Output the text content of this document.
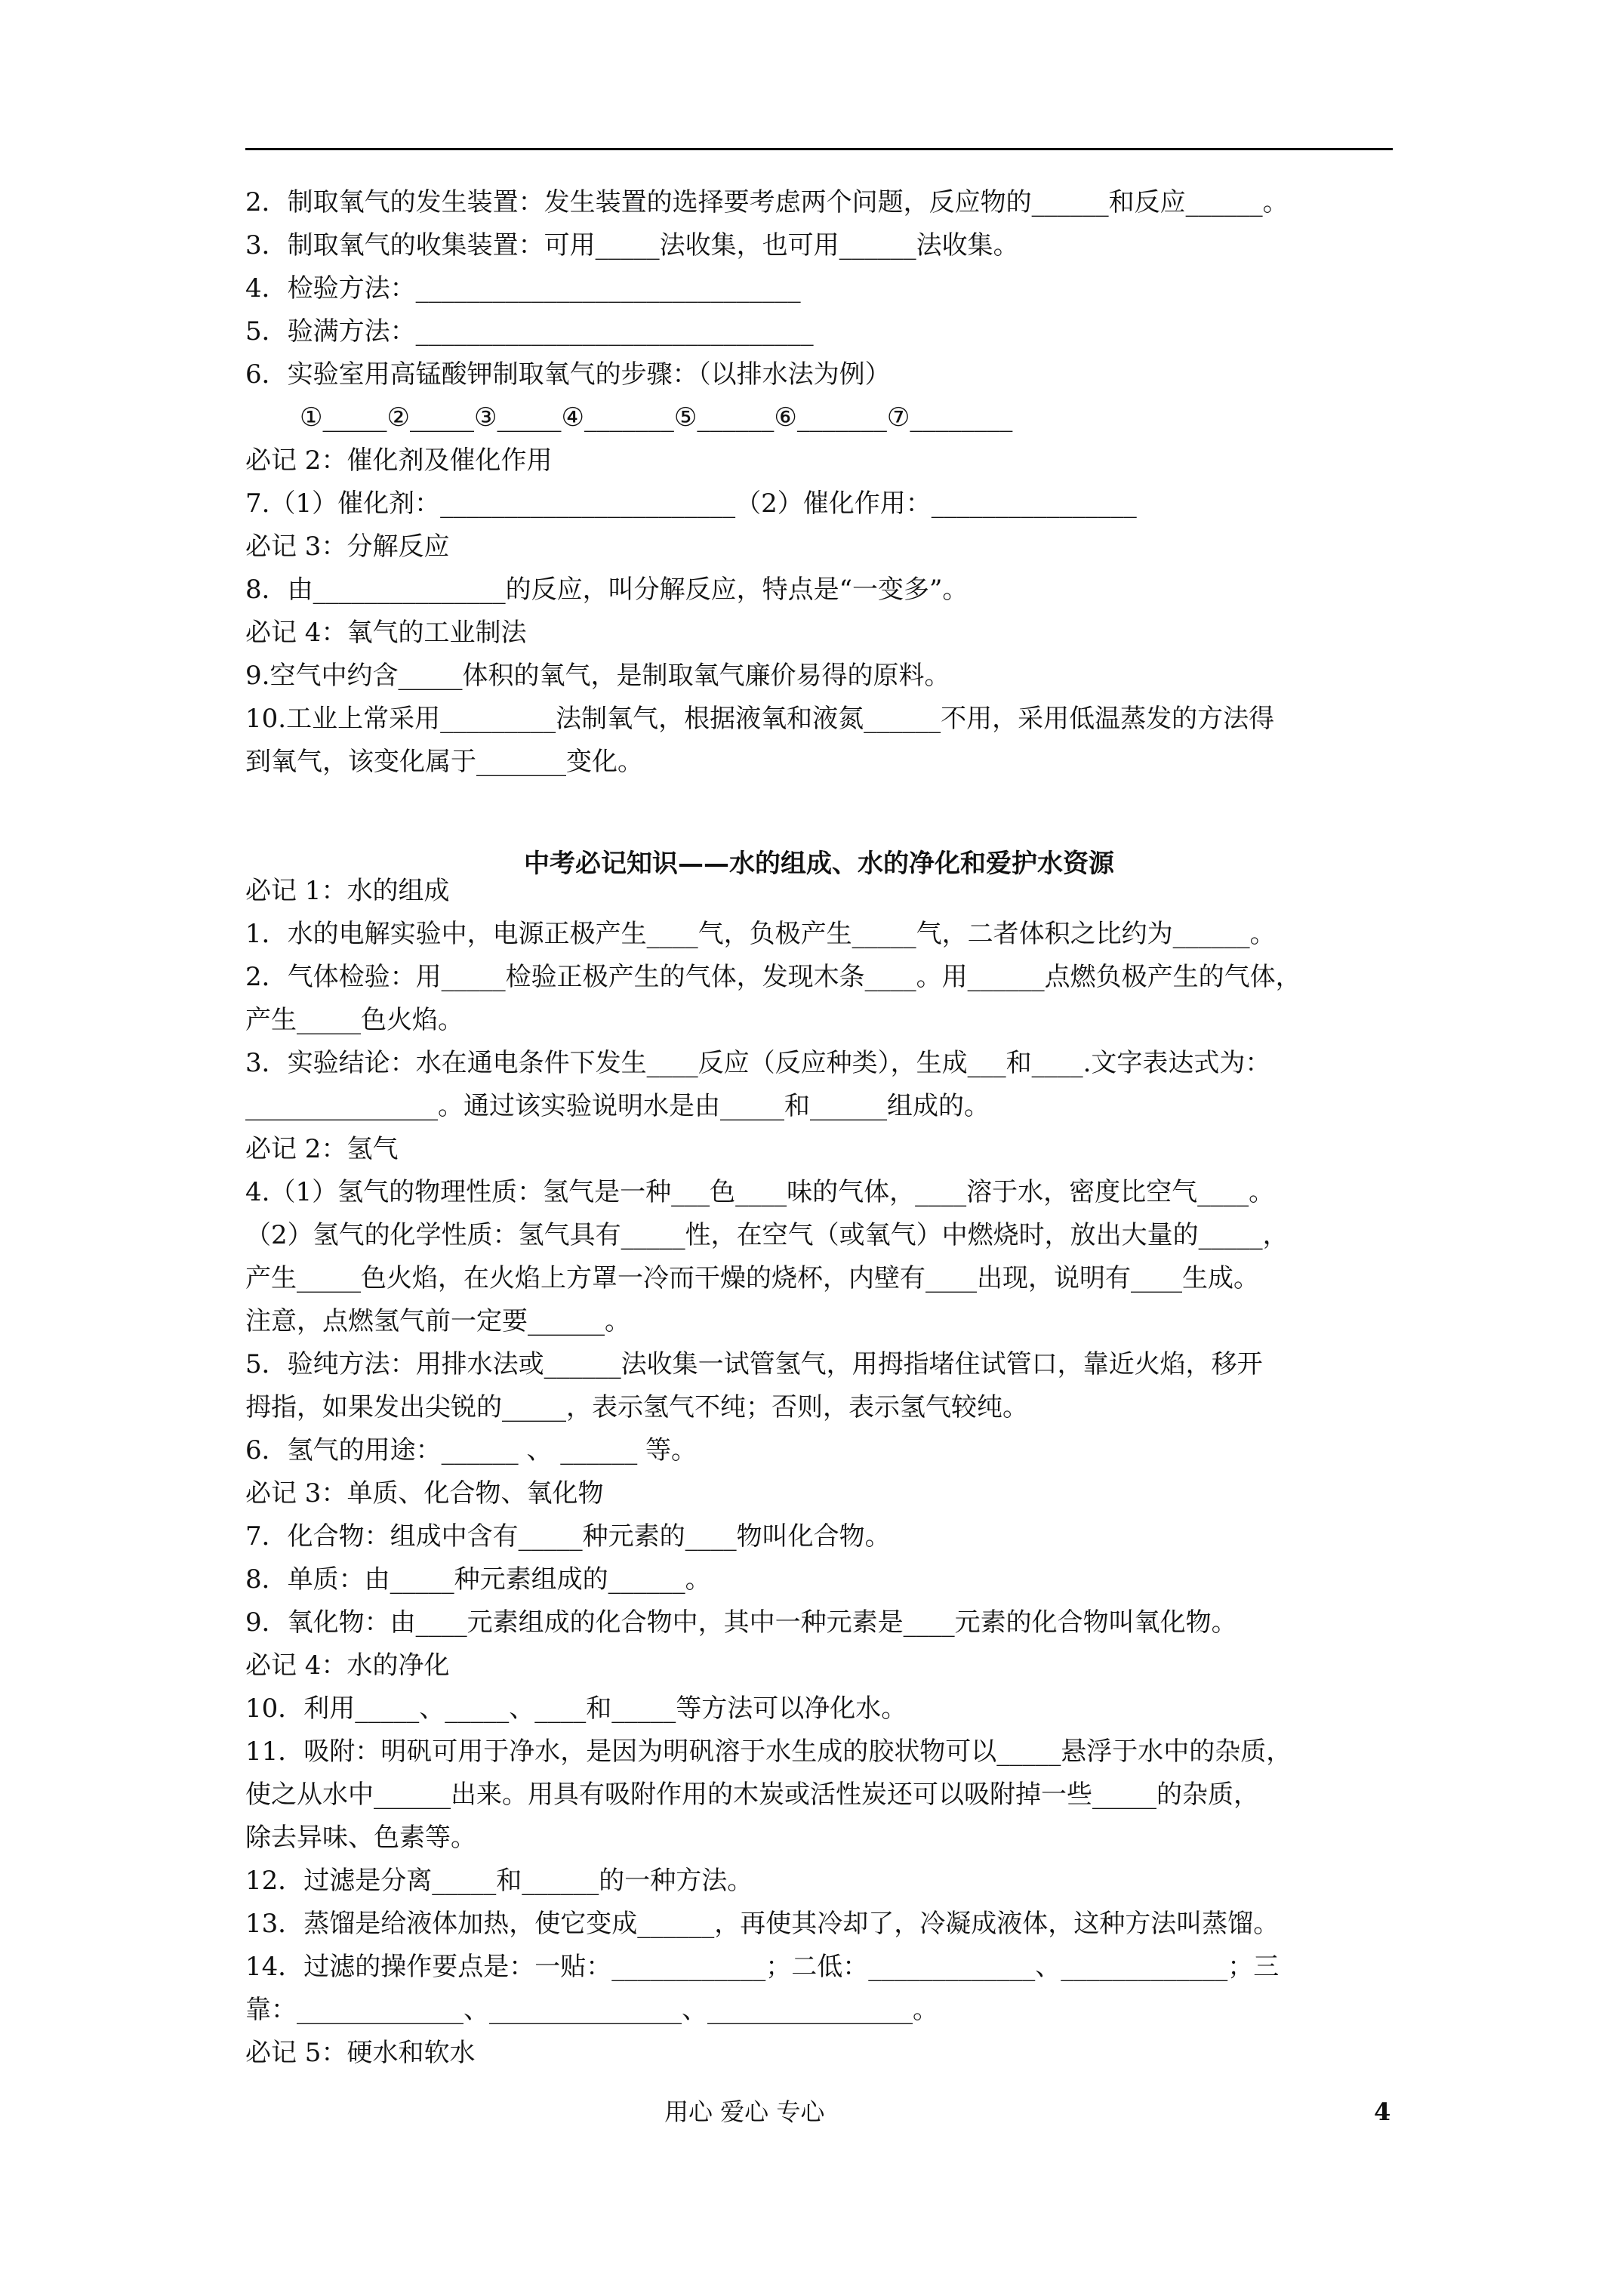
2．制取氧气的发生装置：发生装置的选择要考虑两个问题，反应物的______和反应______。
3．制取氧气的收集装置：可用_____法收集，也可用______法收集。
4．检验方法：______________________________
5．验满方法：_______________________________
6．实验室用高锰酸钾制取氧气的步骤：（以排水法为例）
①_____②_____③_____④_______⑤______⑥_______⑦________
必记 2：催化剂及催化作用
7.（1）催化剂：_______________________（2）催化作用：________________
必记 3：分解反应
8．由_______________的反应，叫分解反应，特点是“一变多”。
必记 4：氧气的工业制法
9.空气中约含_____体积的氧气，是制取氧气廉价易得的原料。
10.工业上常采用_________法制氧气，根据液氧和液氮______不用，采用低温蒸发的方法得
到氧气，该变化属于_______变化。
必记 1：水的组成
1．水的电解实验中，电源正极产生____气，负极产生_____气，二者体积之比约为______。
2．气体检验：用_____检验正极产生的气体，发现木条____。用______点燃负极产生的气体，
产生_____色火焰。
3．实验结论：水在通电条件下发生____反应（反应种类），生成___和____.文字表达式为：
_______________。通过该实验说明水是由_____和______组成的。
必记 2：氢气
4.（1）氢气的物理性质：氢气是一种___色____味的气体，____溶于水，密度比空气____。
（2）氢气的化学性质：氢气具有_____性，在空气（或氧气）中燃烧时，放出大量的_____，
产生_____色火焰，在火焰上方罩一冷而干燥的烧杯，内壁有____出现，说明有____生成。
注意，点燃氢气前一定要______。
5．验纯方法：用排水法或______法收集一试管氢气，用拇指堵住试管口，靠近火焰，移开
拇指，如果发出尖锐的_____，表示氢气不纯；否则，表示氢气较纯。
6．氢气的用途：______ 、 ______ 等。
必记 3：单质、化合物、氧化物
7．化合物：组成中含有_____种元素的____物叫化合物。
8．单质：由_____种元素组成的______。
9．氧化物：由____元素组成的化合物中，其中一种元素是____元素的化合物叫氧化物。
必记 4：水的净化
10．利用_____、_____、____和_____等方法可以净化水。
11．吸附：明矾可用于净水，是因为明矾溶于水生成的胶状物可以_____悬浮于水中的杂质，
使之从水中______出来。用具有吸附作用的木炭或活性炭还可以吸附掉一些_____的杂质，
除去异味、色素等。
12．过滤是分离_____和______的一种方法。
13．蒸馏是给液体加热，使它变成______，再使其冷却了，冷凝成液体，这种方法叫蒸馏。
14．过滤的操作要点是：一贴：____________；二低：_____________、_____________；三
靠：_____________、_______________、________________。
必记 5：硬水和软水
中考必记知识——水的组成、水的净化和爱护水资源
用心 爱心 专心	4
